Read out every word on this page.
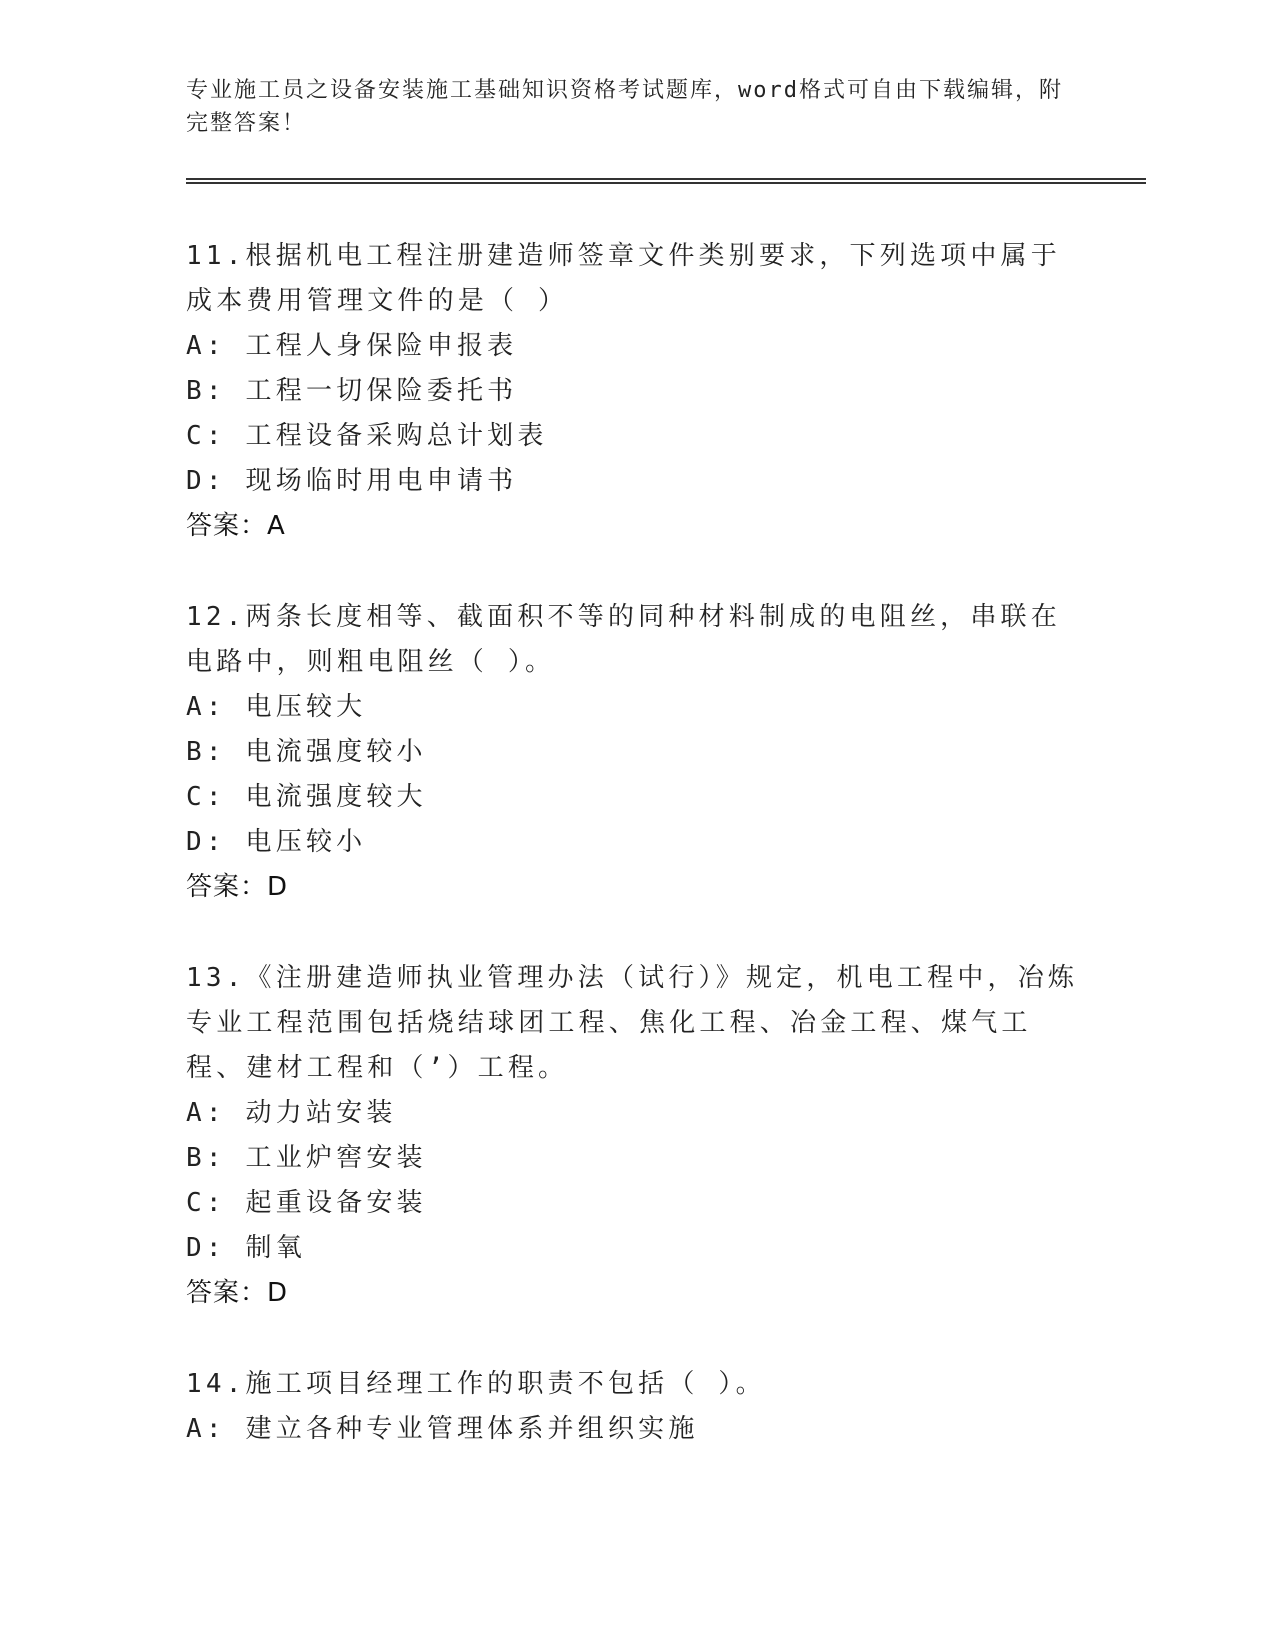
专业施工员之设备安装施工基础知识资格考试题库，word格式可自由下载编辑，附完整答案！
11.根据机电工程注册建造师签章文件类别要求，下列选项中属于成本费用管理文件的是（ ）
A: 工程人身保险申报表
B: 工程一切保险委托书
C: 工程设备采购总计划表
D: 现场临时用电申请书
答案：A
12.两条长度相等、截面积不等的同种材料制成的电阻丝，串联在电路中，则粗电阻丝（ ）。
A: 电压较大
B: 电流强度较小
C: 电流强度较大
D: 电压较小
答案：D
13.《注册建造师执业管理办法（试行）》规定，机电工程中，冶炼专业工程范围包括烧结球团工程、焦化工程、冶金工程、煤气工程、建材工程和（’）工程。
A: 动力站安装
B: 工业炉窖安装
C: 起重设备安装
D: 制氧
答案：D
14.施工项目经理工作的职责不包括（ ）。
A: 建立各种专业管理体系并组织实施
